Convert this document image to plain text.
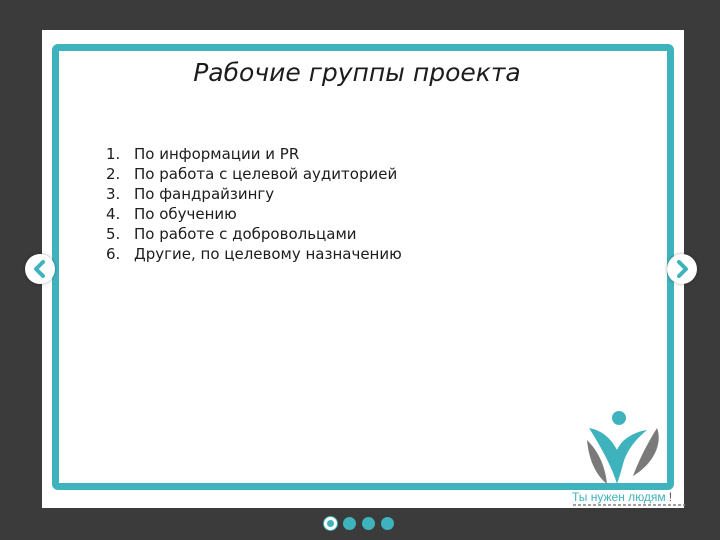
Рабочие группы проекта
1. По информации и PR
2. По работа с целевой аудиторией
3. По фандрайзингу
4. По обучению
5. По работе с добровольцами
6. Другие, по целевому назначению
Ты нужен людям !
